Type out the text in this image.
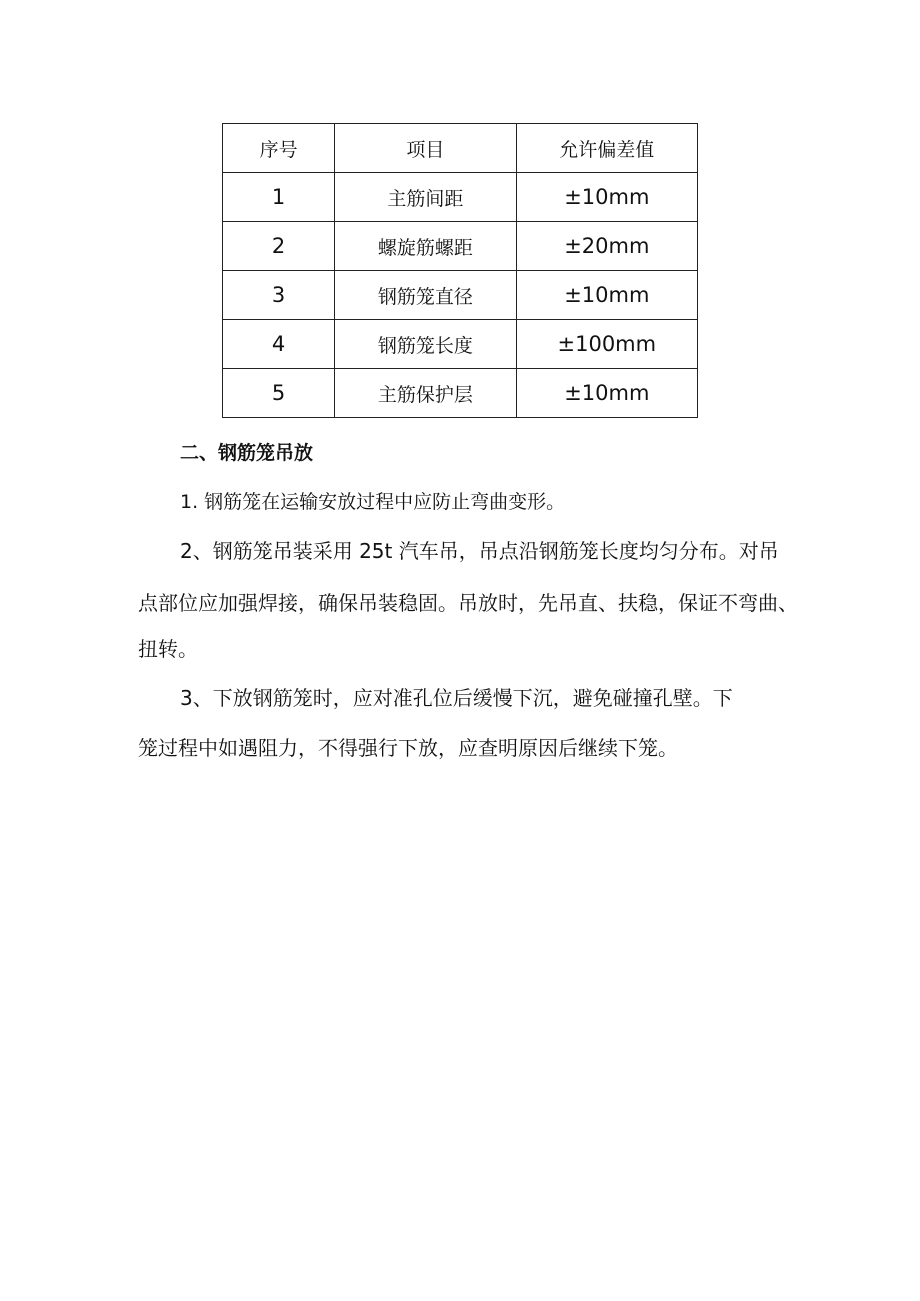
序号	项目	允许偏差值
1	主筋间距	±10mm
2	螺旋筋螺距	±20mm
3	钢筋笼直径	±10mm
4	钢筋笼长度	±100mm
5	主筋保护层	±10mm
二、钢筋笼吊放

1. 钢筋笼在运输安放过程中应防止弯曲变形。

2、钢筋笼吊装采用 25t 汽车吊，吊点沿钢筋笼长度均匀分布。对吊

点部位应加强焊接，确保吊装稳固。吊放时，先吊直、扶稳，保证不弯曲、

扭转。

3、下放钢筋笼时，应对准孔位后缓慢下沉，避免碰撞孔壁。下

笼过程中如遇阻力，不得强行下放，应查明原因后继续下笼。
